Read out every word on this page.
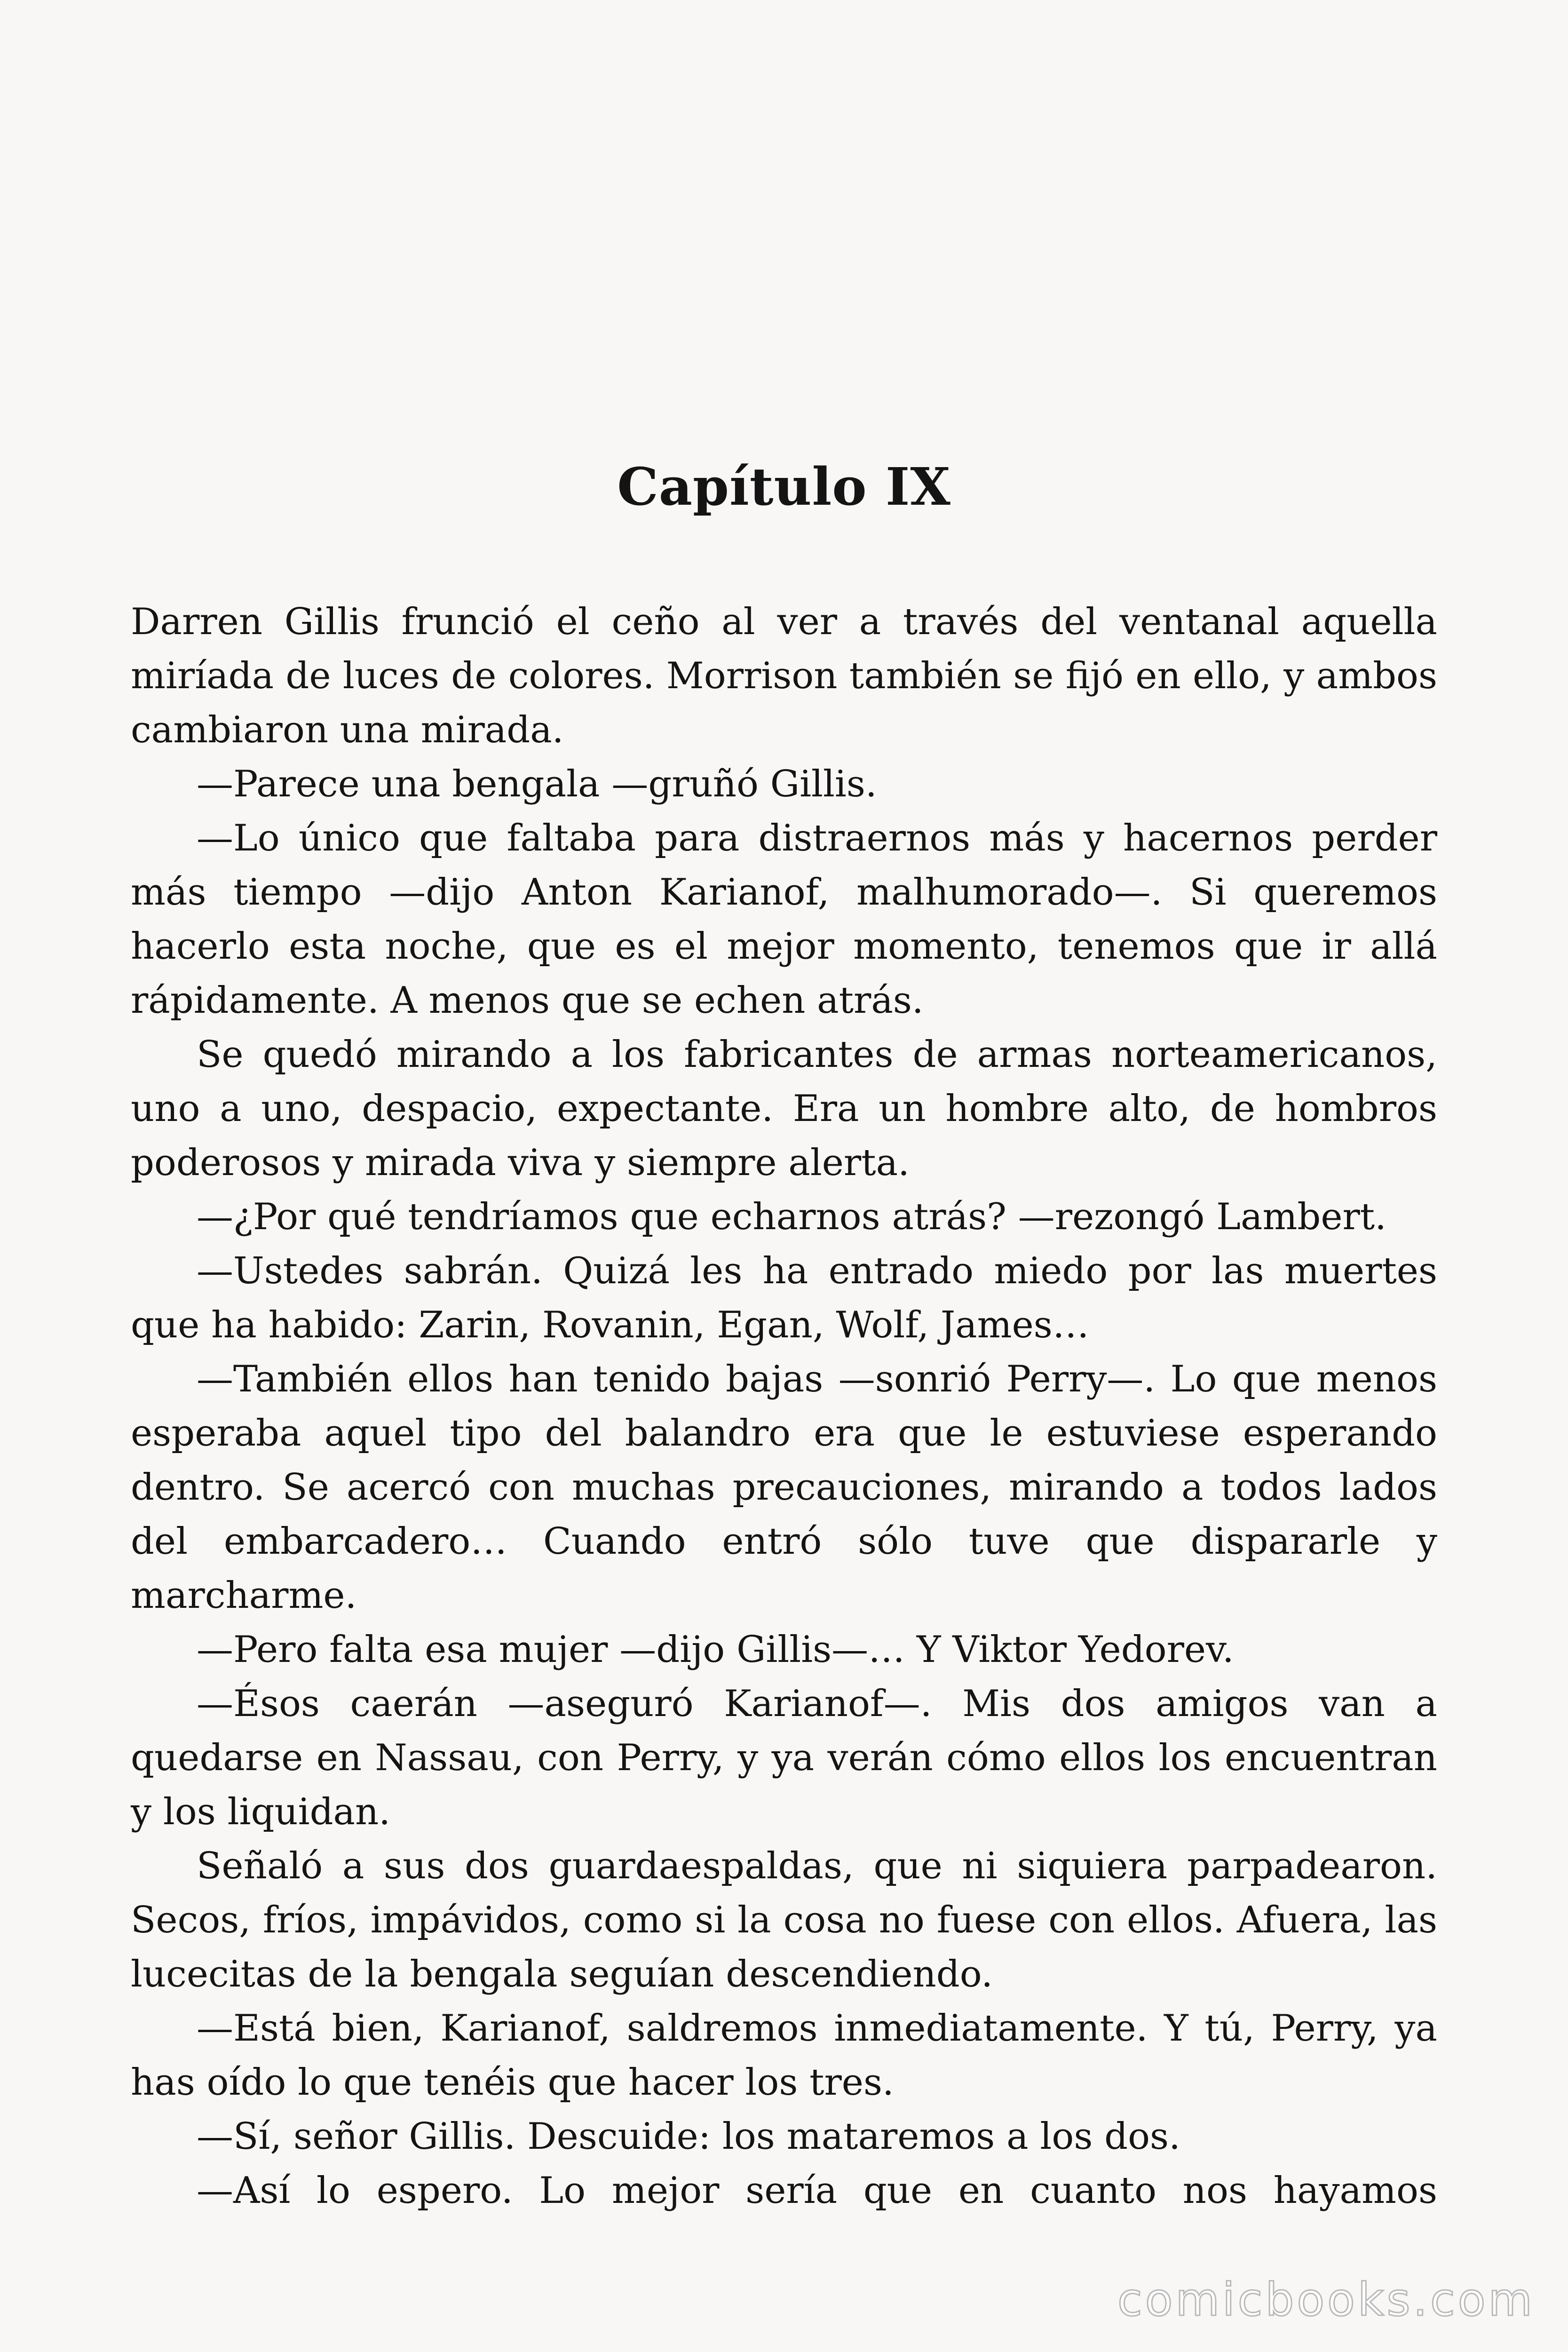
Capítulo IX

Darren Gillis frunció el ceño al ver a través del ventanal aquella miríada de luces de colores. Morrison también se fijó en ello, y ambos cambiaron una mirada.

—Parece una bengala —gruñó Gillis.

—Lo único que faltaba para distraernos más y hacernos perder más tiempo —dijo Anton Karianof, malhumorado—. Si queremos hacerlo esta noche, que es el mejor momento, tenemos que ir allá rápidamente. A menos que se echen atrás.

Se quedó mirando a los fabricantes de armas norteamericanos, uno a uno, despacio, expectante. Era un hombre alto, de hombros poderosos y mirada viva y siempre alerta.

—¿Por qué tendríamos que echarnos atrás? —rezongó Lambert.

—Ustedes sabrán. Quizá les ha entrado miedo por las muertes que ha habido: Zarin, Rovanin, Egan, Wolf, James…

—También ellos han tenido bajas —sonrió Perry—. Lo que menos esperaba aquel tipo del balandro era que le estuviese esperando dentro. Se acercó con muchas precauciones, mirando a todos lados del embarcadero… Cuando entró sólo tuve que dispararle y marcharme.

—Pero falta esa mujer —dijo Gillis—… Y Viktor Yedorev.

—Ésos caerán —aseguró Karianof—. Mis dos amigos van a quedarse en Nassau, con Perry, y ya verán cómo ellos los encuentran y los liquidan.

Señaló a sus dos guardaespaldas, que ni siquiera parpadearon. Secos, fríos, impávidos, como si la cosa no fuese con ellos. Afuera, las lucecitas de la bengala seguían descendiendo.

—Está bien, Karianof, saldremos inmediatamente. Y tú, Perry, ya has oído lo que tenéis que hacer los tres.

—Sí, señor Gillis. Descuide: los mataremos a los dos.

—Así lo espero. Lo mejor sería que en cuanto nos hayamos

comicbooks.com
